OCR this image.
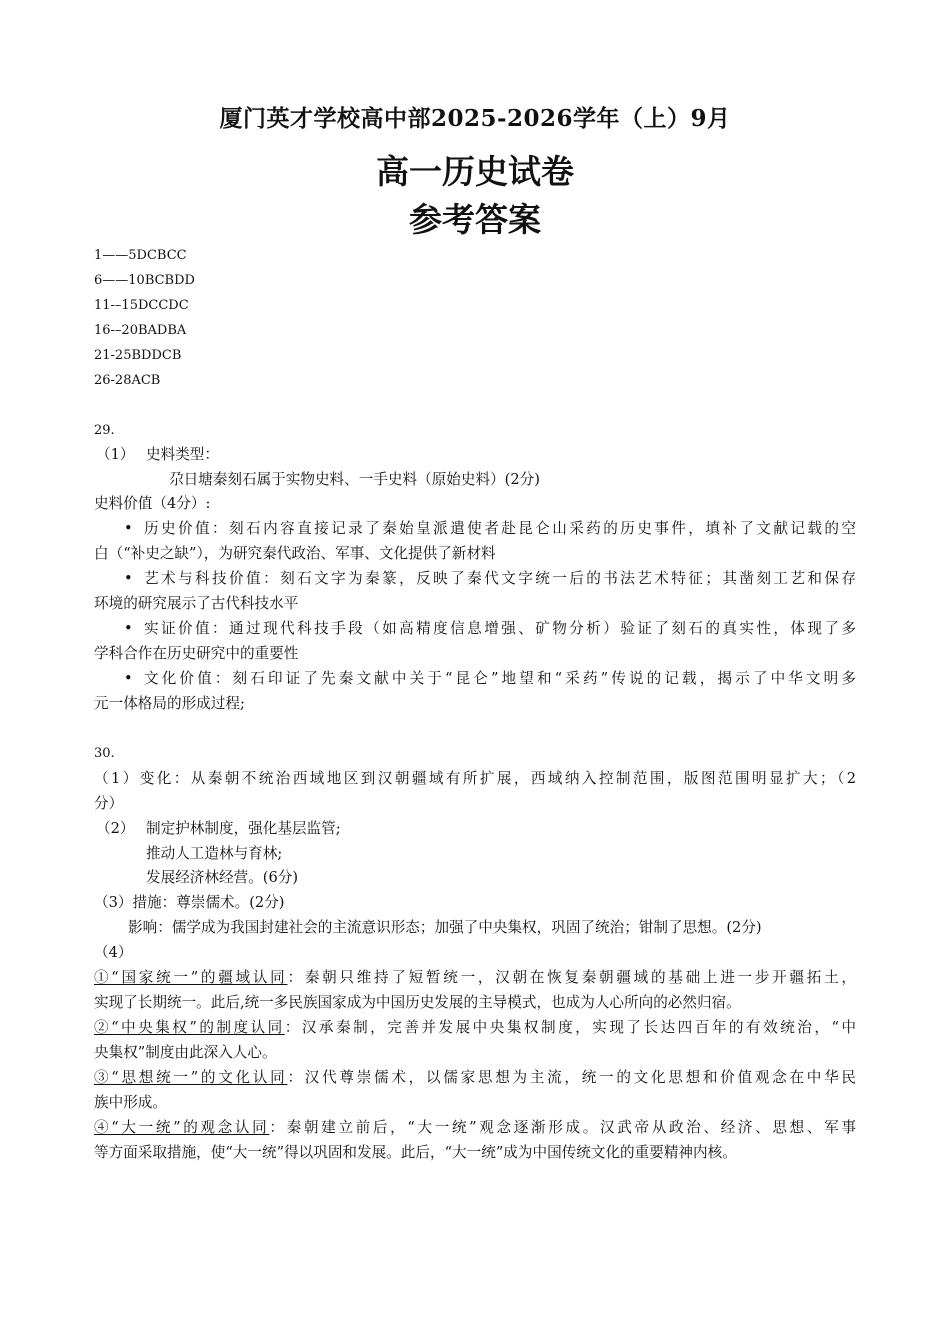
厦门英才学校高中部2025-2026学年（上）9月
高一历史试卷
参考答案
1——5DCBCC
6——10BCBDD
11-–15DCCDC
16-–20BADBA
21-25BDDCB
26-28ACB
29.
（1） 史料类型：
尕日塘秦刻石属于实物史料、一手史料（原始史料）(2分)
史料价值（4分）:
• 历史价值：刻石内容直接记录了秦始皇派遣使者赴昆仑山采药的历史事件，填补了文献记载的空
白（“补史之缺”），为研究秦代政治、军事、文化提供了新材料
• 艺术与科技价值：刻石文字为秦篆，反映了秦代文字统一后的书法艺术特征；其凿刻工艺和保存
环境的研究展示了古代科技水平
• 实证价值：通过现代科技手段（如高精度信息增强、矿物分析）验证了刻石的真实性，体现了多
学科合作在历史研究中的重要性
• 文化价值：刻石印证了先秦文献中关于“昆仑”地望和“采药”传说的记载，揭示了中华文明多
元一体格局的形成过程;
30.
（1）变化：从秦朝不统治西域地区到汉朝疆域有所扩展，西域纳入控制范围，版图范围明显扩大；（2
分）
（2） 制定护林制度，强化基层监管;
推动人工造林与育林;
发展经济林经营。(6分)
（3）措施：尊崇儒术。(2分)
影响：儒学成为我国封建社会的主流意识形态；加强了中央集权，巩固了统治；钳制了思想。(2分)
（4）
①“国家统一”的疆域认同：秦朝只维持了短暂统一，汉朝在恢复秦朝疆域的基础上进一步开疆拓土，
实现了长期统一。此后,统一多民族国家成为中国历史发展的主导模式，也成为人心所向的必然归宿。
②“中央集权”的制度认同：汉承秦制，完善并发展中央集权制度，实现了长达四百年的有效统治，“中
央集权”制度由此深入人心。
③“思想统一”的文化认同：汉代尊崇儒术，以儒家思想为主流，统一的文化思想和价值观念在中华民
族中形成。
④“大一统”的观念认同：秦朝建立前后，“大一统”观念逐渐形成。汉武帝从政治、经济、思想、军事
等方面采取措施，使“大一统”得以巩固和发展。此后，“大一统”成为中国传统文化的重要精神内核。
